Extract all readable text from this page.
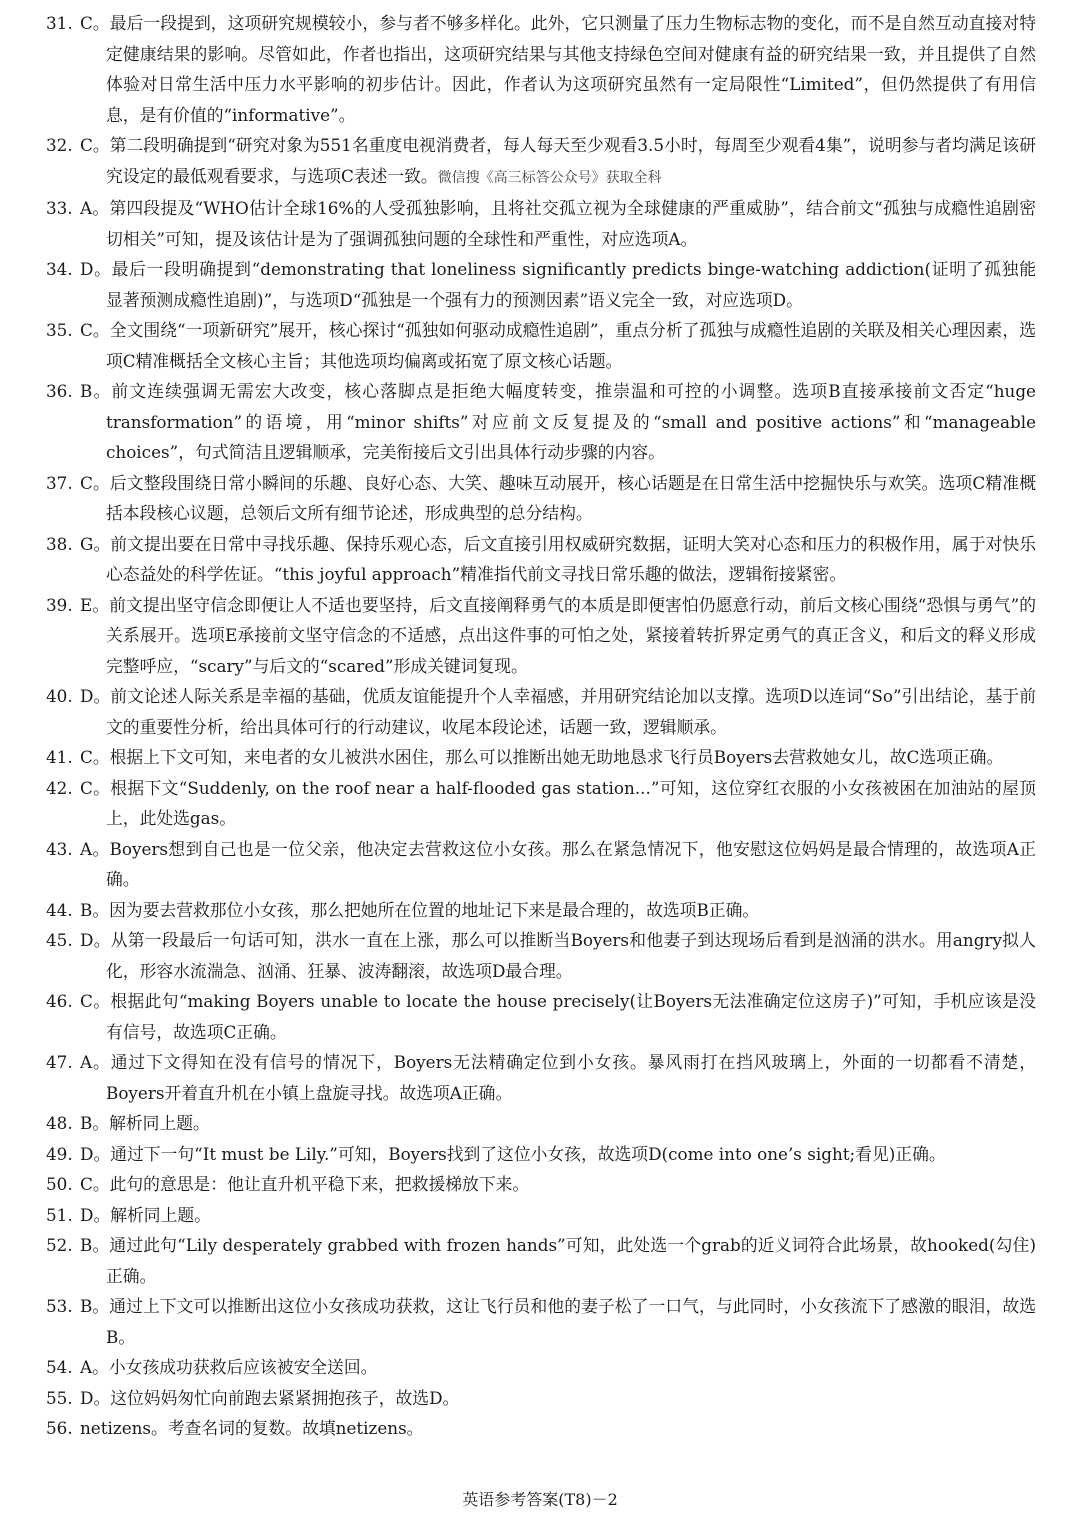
31. C。最后一段提到，这项研究规模较小，参与者不够多样化。此外，它只测量了压力生物标志物的变化，而不是自然互动直接对特定健康结果的影响。尽管如此，作者也指出，这项研究结果与其他支持绿色空间对健康有益的研究结果一致，并且提供了自然体验对日常生活中压力水平影响的初步估计。因此，作者认为这项研究虽然有一定局限性“Limited”，但仍然提供了有用信息，是有价值的“informative”。
32. C。第二段明确提到“研究对象为551名重度电视消费者，每人每天至少观看3.5小时，每周至少观看4集”，说明参与者均满足该研究设定的最低观看要求，与选项C表述一致。微信搜《高三标答公众号》获取全科
33. A。第四段提及“WHO估计全球16%的人受孤独影响，且将社交孤立视为全球健康的严重威胁”，结合前文“孤独与成瘾性追剧密切相关”可知，提及该估计是为了强调孤独问题的全球性和严重性，对应选项A。
34. D。最后一段明确提到“demonstrating that loneliness significantly predicts binge-watching addiction(证明了孤独能显著预测成瘾性追剧)”，与选项D“孤独是一个强有力的预测因素”语义完全一致，对应选项D。
35. C。全文围绕“一项新研究”展开，核心探讨“孤独如何驱动成瘾性追剧”，重点分析了孤独与成瘾性追剧的关联及相关心理因素，选项C精准概括全文核心主旨；其他选项均偏离或拓宽了原文核心话题。
36. B。前文连续强调无需宏大改变，核心落脚点是拒绝大幅度转变，推崇温和可控的小调整。选项B直接承接前文否定“huge transformation”的语境，用“minor shifts”对应前文反复提及的“small and positive actions”和“manageable choices”，句式简洁且逻辑顺承，完美衔接后文引出具体行动步骤的内容。
37. C。后文整段围绕日常小瞬间的乐趣、良好心态、大笑、趣味互动展开，核心话题是在日常生活中挖掘快乐与欢笑。选项C精准概括本段核心议题，总领后文所有细节论述，形成典型的总分结构。
38. G。前文提出要在日常中寻找乐趣、保持乐观心态，后文直接引用权威研究数据，证明大笑对心态和压力的积极作用，属于对快乐心态益处的科学佐证。“this joyful approach”精准指代前文寻找日常乐趣的做法，逻辑衔接紧密。
39. E。前文提出坚守信念即便让人不适也要坚持，后文直接阐释勇气的本质是即便害怕仍愿意行动，前后文核心围绕“恐惧与勇气”的关系展开。选项E承接前文坚守信念的不适感，点出这件事的可怕之处，紧接着转折界定勇气的真正含义，和后文的释义形成完整呼应，“scary”与后文的“scared”形成关键词复现。
40. D。前文论述人际关系是幸福的基础，优质友谊能提升个人幸福感，并用研究结论加以支撑。选项D以连词“So”引出结论，基于前文的重要性分析，给出具体可行的行动建议，收尾本段论述，话题一致，逻辑顺承。
41. C。根据上下文可知，来电者的女儿被洪水困住，那么可以推断出她无助地恳求飞行员Boyers去营救她女儿，故C选项正确。
42. C。根据下文“Suddenly, on the roof near a half-flooded gas station...”可知，这位穿红衣服的小女孩被困在加油站的屋顶上，此处选gas。
43. A。Boyers想到自己也是一位父亲，他决定去营救这位小女孩。那么在紧急情况下，他安慰这位妈妈是最合情理的，故选项A正确。
44. B。因为要去营救那位小女孩，那么把她所在位置的地址记下来是最合理的，故选项B正确。
45. D。从第一段最后一句话可知，洪水一直在上涨，那么可以推断当Boyers和他妻子到达现场后看到是汹涌的洪水。用angry拟人化，形容水流湍急、汹涌、狂暴、波涛翻滚，故选项D最合理。
46. C。根据此句“making Boyers unable to locate the house precisely(让Boyers无法准确定位这房子)”可知，手机应该是没有信号，故选项C正确。
47. A。通过下文得知在没有信号的情况下，Boyers无法精确定位到小女孩。暴风雨打在挡风玻璃上，外面的一切都看不清楚，Boyers开着直升机在小镇上盘旋寻找。故选项A正确。
48. B。解析同上题。
49. D。通过下一句“It must be Lily.”可知，Boyers找到了这位小女孩，故选项D(come into one’s sight;看见)正确。
50. C。此句的意思是：他让直升机平稳下来，把救援梯放下来。
51. D。解析同上题。
52. B。通过此句“Lily desperately grabbed with frozen hands”可知，此处选一个grab的近义词符合此场景，故hooked(勾住)正确。
53. B。通过上下文可以推断出这位小女孩成功获救，这让飞行员和他的妻子松了一口气，与此同时，小女孩流下了感激的眼泪，故选B。
54. A。小女孩成功获救后应该被安全送回。
55. D。这位妈妈匆忙向前跑去紧紧拥抱孩子，故选D。
56. netizens。考查名词的复数。故填netizens。
英语参考答案(T8)－2
